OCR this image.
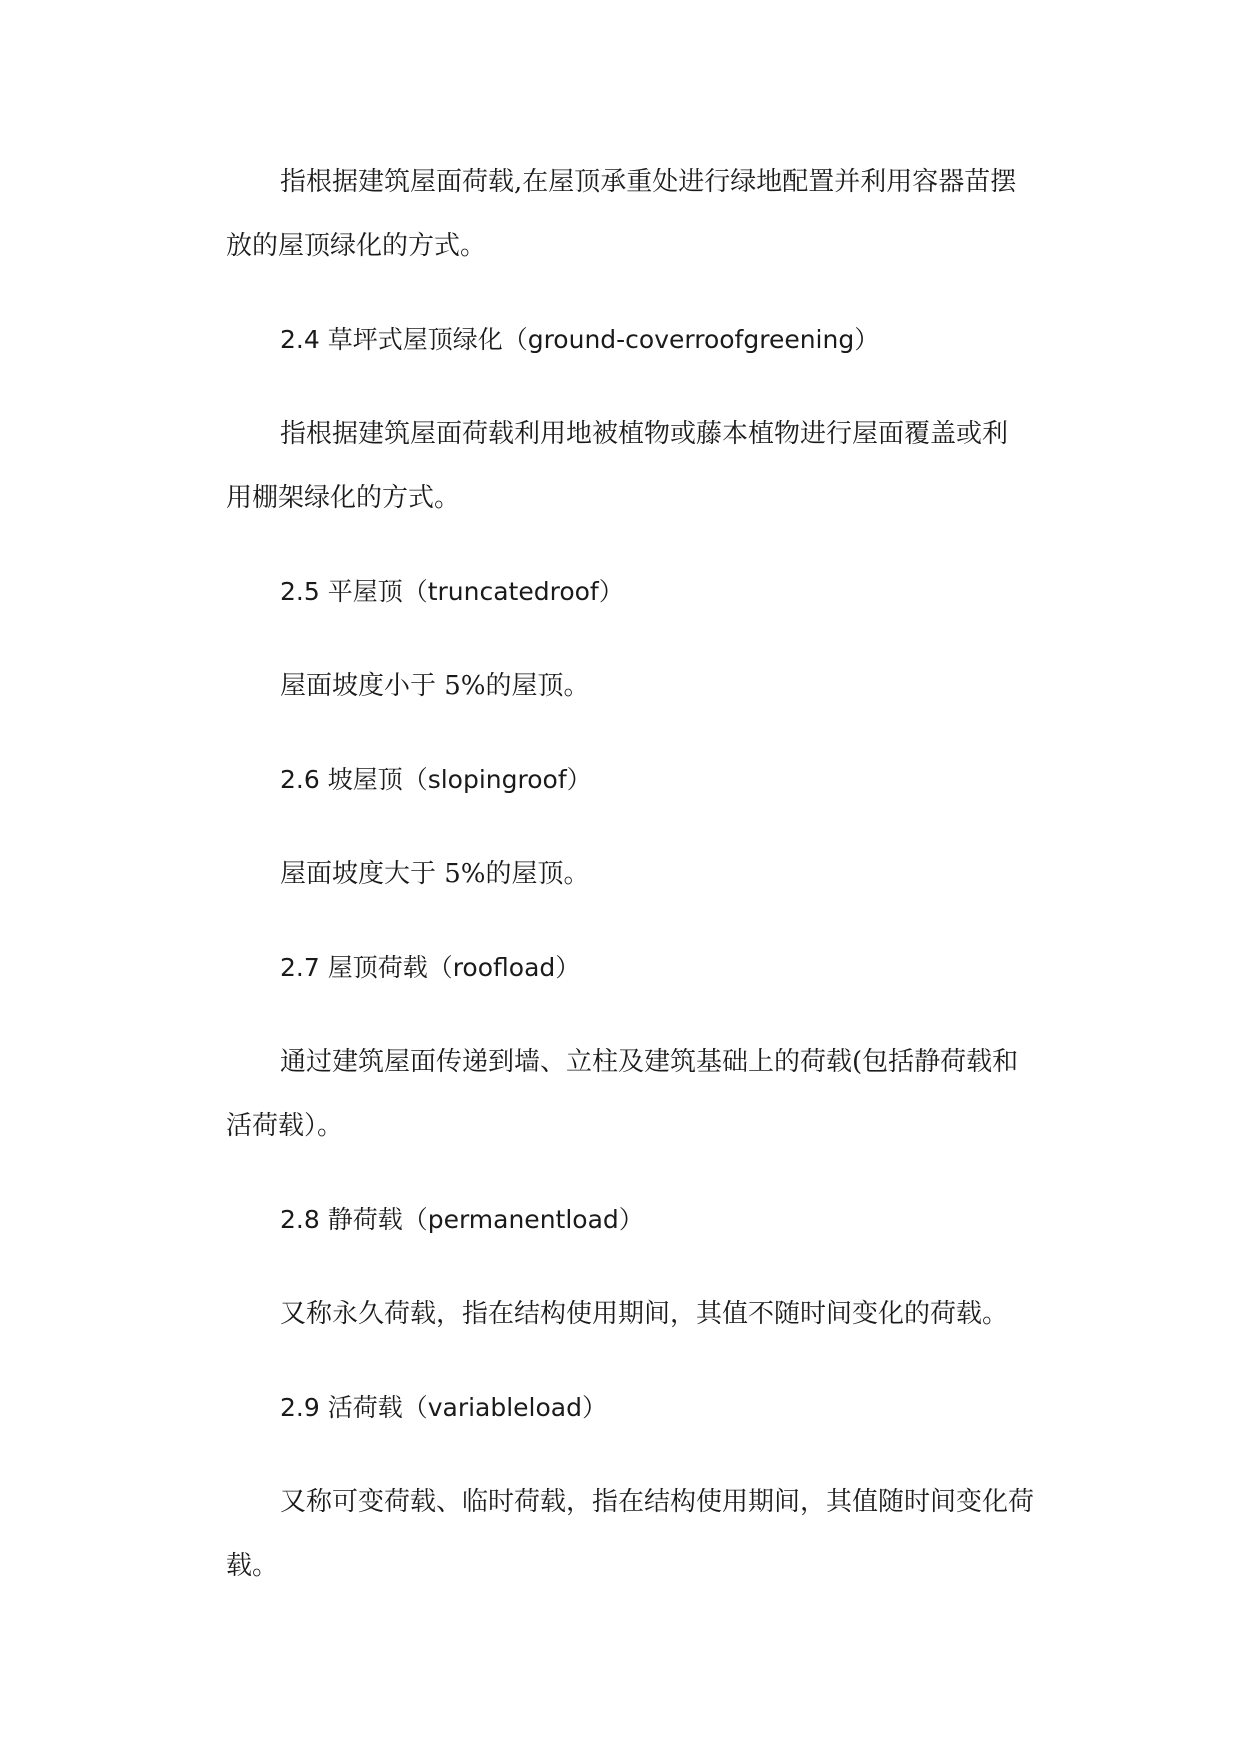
指根据建筑屋面荷载,在屋顶承重处进行绿地配置并利用容器苗摆
放的屋顶绿化的方式。
2.4 草坪式屋顶绿化（ground-coverroofgreening）
指根据建筑屋面荷载利用地被植物或藤本植物进行屋面覆盖或利
用棚架绿化的方式。
2.5 平屋顶（truncatedroof）
屋面坡度小于 5%的屋顶。
2.6 坡屋顶（slopingroof）
屋面坡度大于 5%的屋顶。
2.7 屋顶荷载（roofload）
通过建筑屋面传递到墙、立柱及建筑基础上的荷载(包括静荷载和
活荷载）。
2.8 静荷载（permanentload）
又称永久荷载，指在结构使用期间，其值不随时间变化的荷载。
2.9 活荷载（variableload）
又称可变荷载、临时荷载，指在结构使用期间，其值随时间变化荷
载。
